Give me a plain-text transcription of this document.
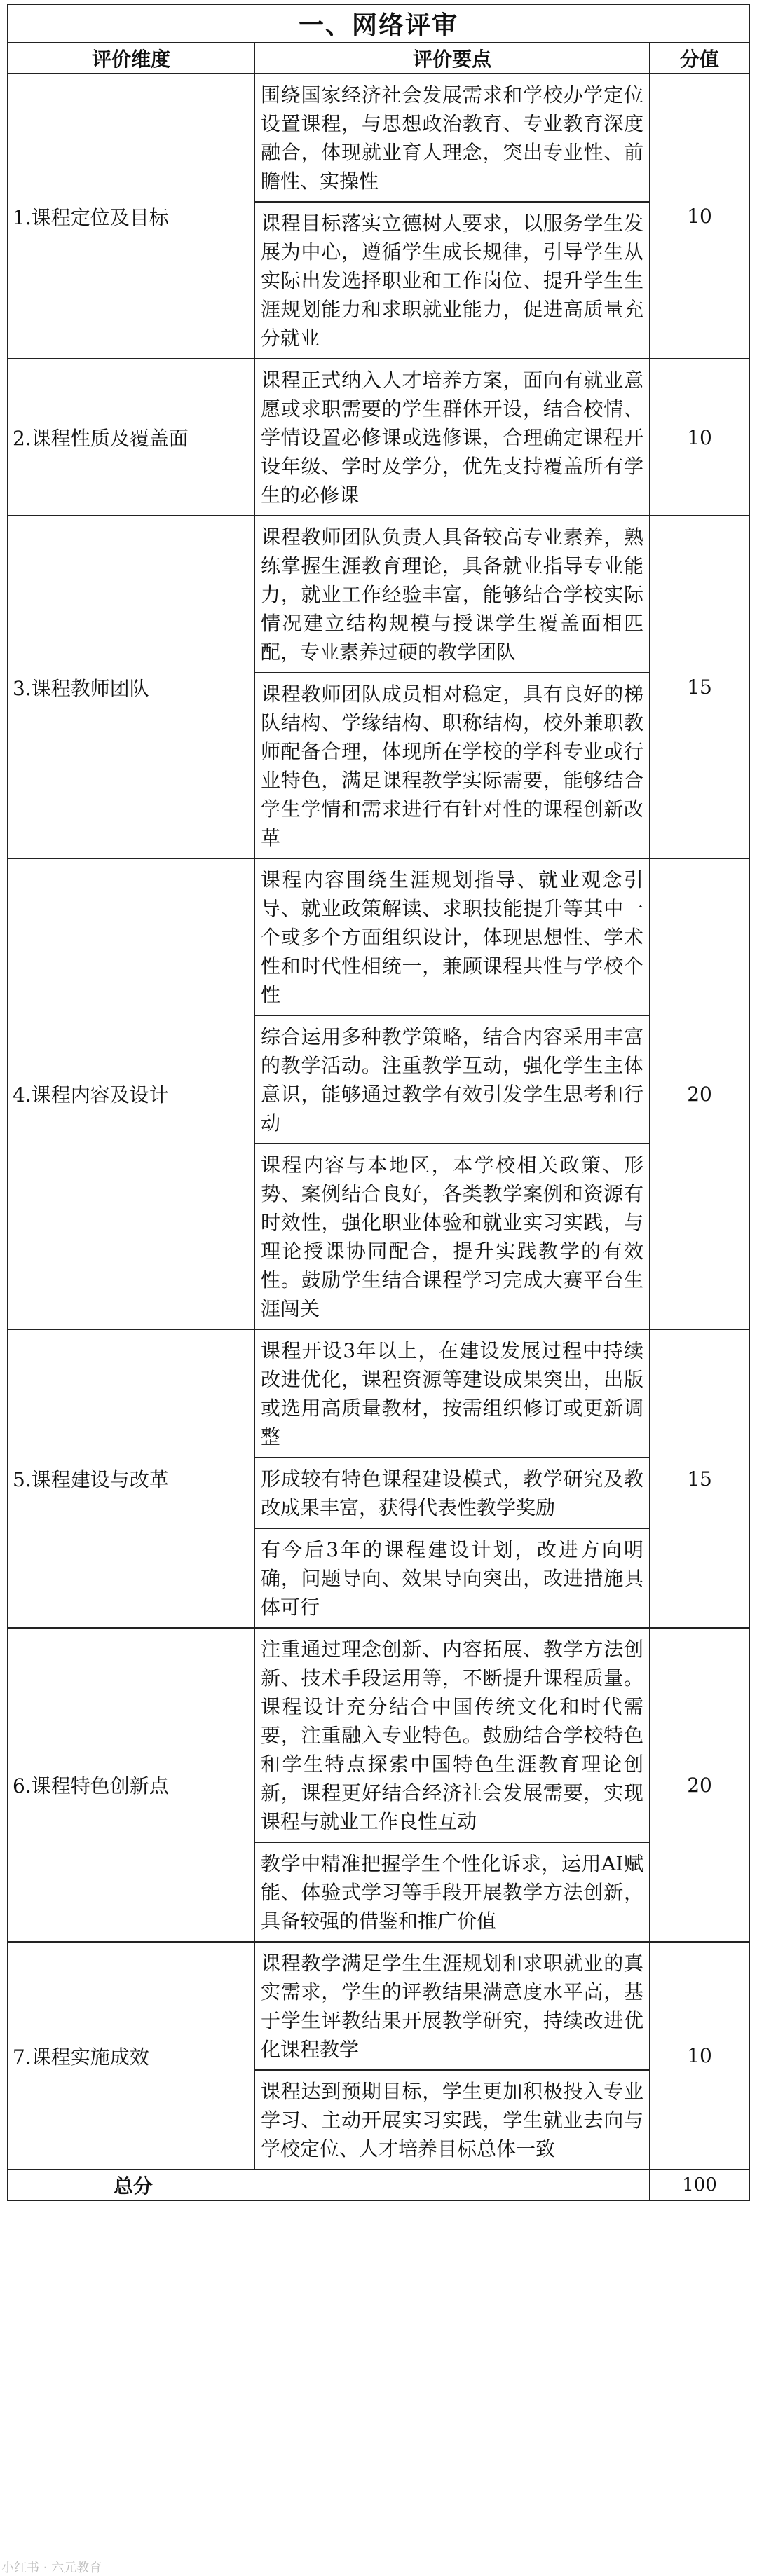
一、网络评审		
评价维度	评价要点	分值
1.课程定位及目标	围绕国家经济社会发展需求和学校办学定位设置课程，与思想政治教育、专业教育深度融合，体现就业育人理念，突出专业性、前瞻性、实操性	10
	课程目标落实立德树人要求，以服务学生发展为中心，遵循学生成长规律，引导学生从实际出发选择职业和工作岗位、提升学生生涯规划能力和求职就业能力，促进高质量充分就业	
2.课程性质及覆盖面	课程正式纳入人才培养方案，面向有就业意愿或求职需要的学生群体开设，结合校情、学情设置必修课或选修课，合理确定课程开设年级、学时及学分，优先支持覆盖所有学生的必修课	10
3.课程教师团队	课程教师团队负责人具备较高专业素养，熟练掌握生涯教育理论，具备就业指导专业能力，就业工作经验丰富，能够结合学校实际情况建立结构规模与授课学生覆盖面相匹配，专业素养过硬的教学团队	15
	课程教师团队成员相对稳定，具有良好的梯队结构、学缘结构、职称结构，校外兼职教师配备合理，体现所在学校的学科专业或行业特色，满足课程教学实际需要，能够结合学生学情和需求进行有针对性的课程创新改革	
4.课程内容及设计	课程内容围绕生涯规划指导、就业观念引导、就业政策解读、求职技能提升等其中一个或多个方面组织设计，体现思想性、学术性和时代性相统一，兼顾课程共性与学校个性	20
	综合运用多种教学策略，结合内容采用丰富的教学活动。注重教学互动，强化学生主体意识，能够通过教学有效引发学生思考和行动	
	课程内容与本地区，本学校相关政策、形势、案例结合良好，各类教学案例和资源有时效性，强化职业体验和就业实习实践，与理论授课协同配合，提升实践教学的有效性。鼓励学生结合课程学习完成大赛平台生涯闯关	
5.课程建设与改革	课程开设3年以上，在建设发展过程中持续改进优化，课程资源等建设成果突出，出版或选用高质量教材，按需组织修订或更新调整	15
	形成较有特色课程建设模式，教学研究及教改成果丰富，获得代表性教学奖励	
	有今后3年的课程建设计划，改进方向明确，问题导向、效果导向突出，改进措施具体可行	
6.课程特色创新点	注重通过理念创新、内容拓展、教学方法创新、技术手段运用等，不断提升课程质量。课程设计充分结合中国传统文化和时代需要，注重融入专业特色。鼓励结合学校特色和学生特点探索中国特色生涯教育理论创新，课程更好结合经济社会发展需要，实现课程与就业工作良性互动	20
	教学中精准把握学生个性化诉求，运用AI赋能、体验式学习等手段开展教学方法创新，具备较强的借鉴和推广价值	
7.课程实施成效	课程教学满足学生生涯规划和求职就业的真实需求，学生的评教结果满意度水平高，基于学生评教结果开展教学研究，持续改进优化课程教学	10
	课程达到预期目标，学生更加积极投入专业学习、主动开展实习实践，学生就业去向与学校定位、人才培养目标总体一致	
总分		100
小红书 · 六元教育
